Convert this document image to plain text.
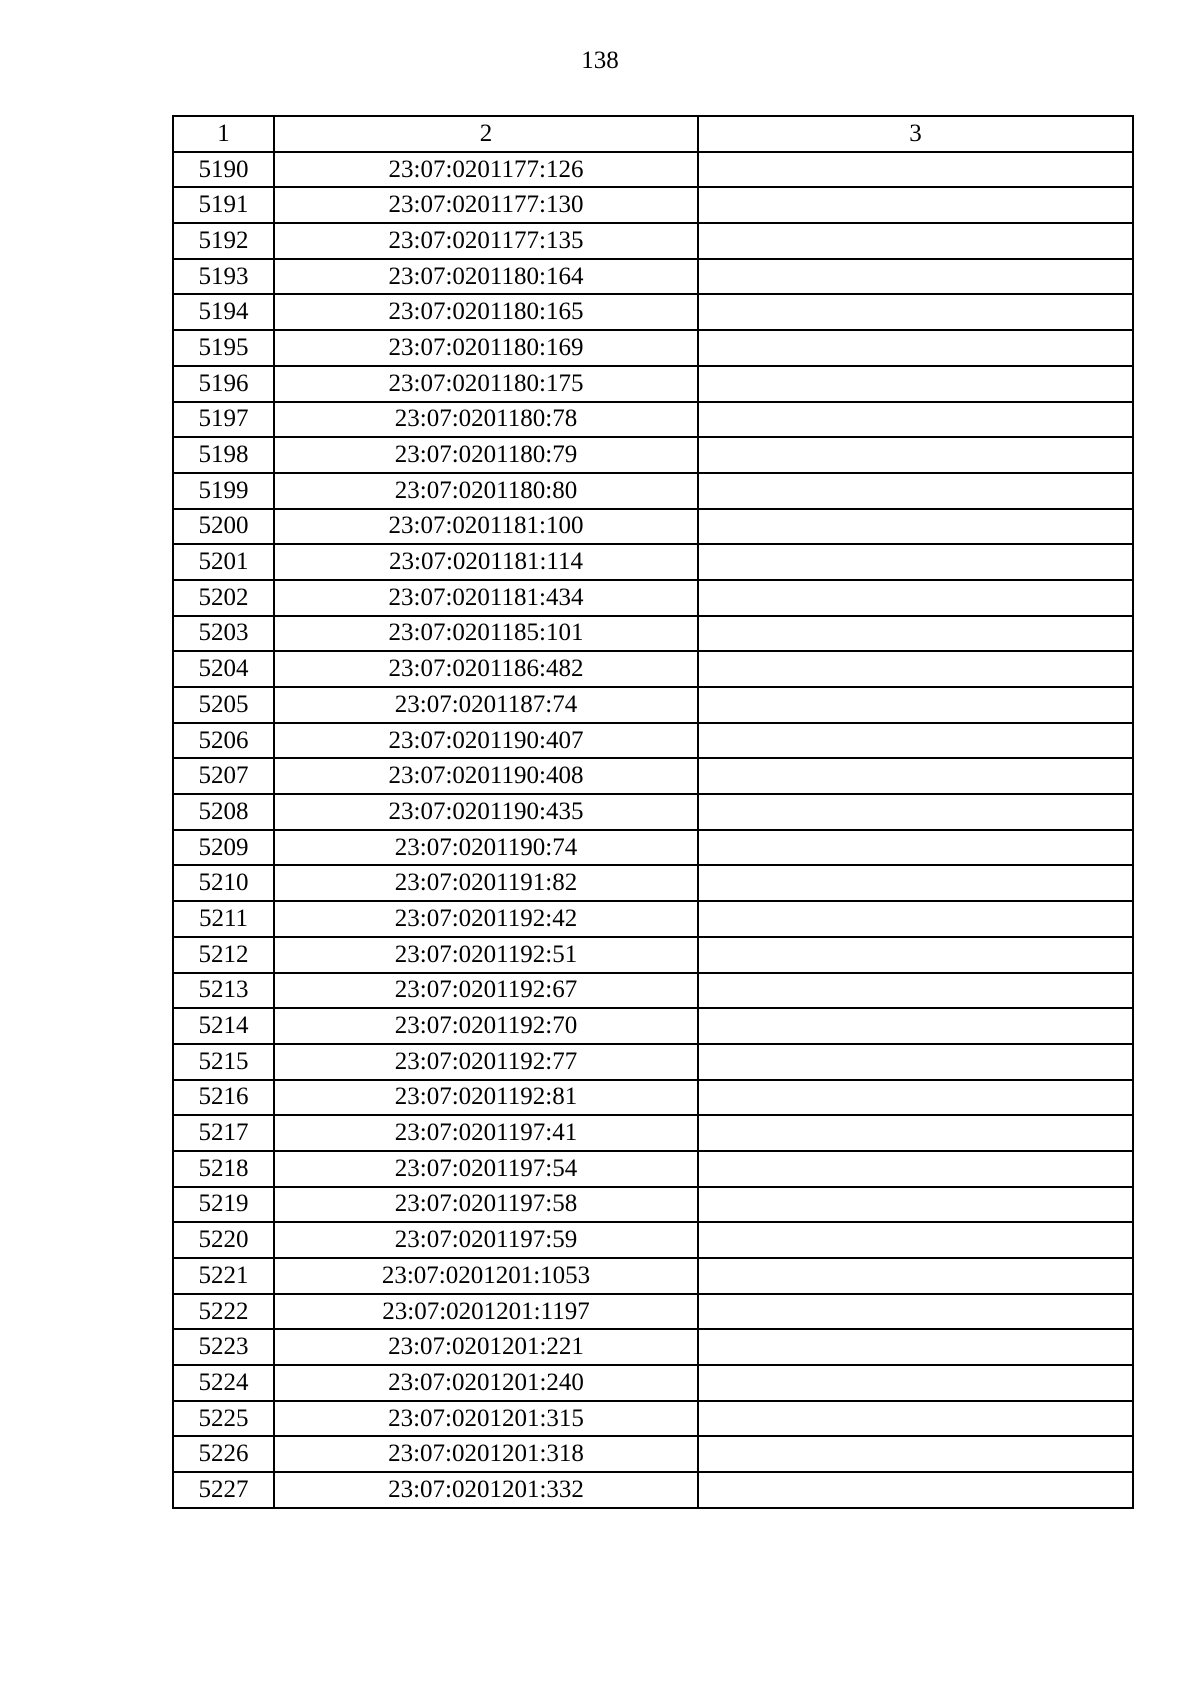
138
1	2	3
5190	23:07:0201177:126	
5191	23:07:0201177:130	
5192	23:07:0201177:135	
5193	23:07:0201180:164	
5194	23:07:0201180:165	
5195	23:07:0201180:169	
5196	23:07:0201180:175	
5197	23:07:0201180:78	
5198	23:07:0201180:79	
5199	23:07:0201180:80	
5200	23:07:0201181:100	
5201	23:07:0201181:114	
5202	23:07:0201181:434	
5203	23:07:0201185:101	
5204	23:07:0201186:482	
5205	23:07:0201187:74	
5206	23:07:0201190:407	
5207	23:07:0201190:408	
5208	23:07:0201190:435	
5209	23:07:0201190:74	
5210	23:07:0201191:82	
5211	23:07:0201192:42	
5212	23:07:0201192:51	
5213	23:07:0201192:67	
5214	23:07:0201192:70	
5215	23:07:0201192:77	
5216	23:07:0201192:81	
5217	23:07:0201197:41	
5218	23:07:0201197:54	
5219	23:07:0201197:58	
5220	23:07:0201197:59	
5221	23:07:0201201:1053	
5222	23:07:0201201:1197	
5223	23:07:0201201:221	
5224	23:07:0201201:240	
5225	23:07:0201201:315	
5226	23:07:0201201:318	
5227	23:07:0201201:332	
